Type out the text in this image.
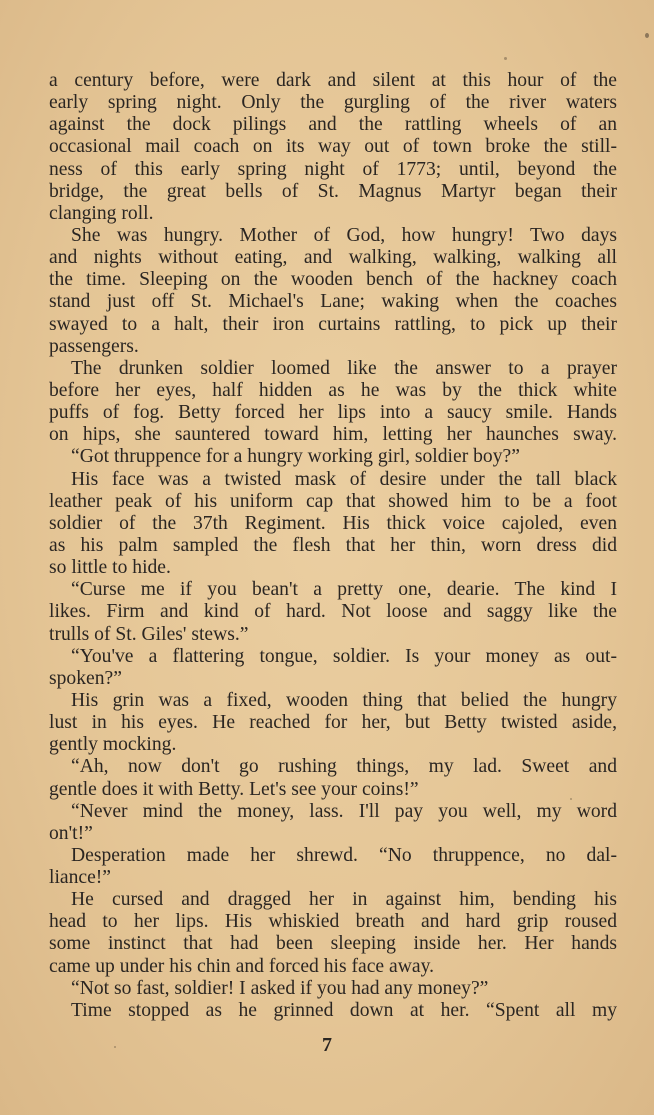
a century before, were dark and silent at this hour of the
early spring night. Only the gurgling of the river waters
against the dock pilings and the rattling wheels of an
occasional mail coach on its way out of town broke the still-
ness of this early spring night of 1773; until, beyond the
bridge, the great bells of St. Magnus Martyr began their
clanging roll.
She was hungry. Mother of God, how hungry! Two days
and nights without eating, and walking, walking, walking all
the time. Sleeping on the wooden bench of the hackney coach
stand just off St. Michael's Lane; waking when the coaches
swayed to a halt, their iron curtains rattling, to pick up their
passengers.
The drunken soldier loomed like the answer to a prayer
before her eyes, half hidden as he was by the thick white
puffs of fog. Betty forced her lips into a saucy smile. Hands
on hips, she sauntered toward him, letting her haunches sway.
“Got thruppence for a hungry working girl, soldier boy?”
His face was a twisted mask of desire under the tall black
leather peak of his uniform cap that showed him to be a foot
soldier of the 37th Regiment. His thick voice cajoled, even
as his palm sampled the flesh that her thin, worn dress did
so little to hide.
“Curse me if you bean't a pretty one, dearie. The kind I
likes. Firm and kind of hard. Not loose and saggy like the
trulls of St. Giles' stews.”
“You've a flattering tongue, soldier. Is your money as out-
spoken?”
His grin was a fixed, wooden thing that belied the hungry
lust in his eyes. He reached for her, but Betty twisted aside,
gently mocking.
“Ah, now don't go rushing things, my lad. Sweet and
gentle does it with Betty. Let's see your coins!”
“Never mind the money, lass. I'll pay you well, my word
on't!”
Desperation made her shrewd. “No thruppence, no dal-
liance!”
He cursed and dragged her in against him, bending his
head to her lips. His whiskied breath and hard grip roused
some instinct that had been sleeping inside her. Her hands
came up under his chin and forced his face away.
“Not so fast, soldier! I asked if you had any money?”
Time stopped as he grinned down at her. “Spent all my
7
